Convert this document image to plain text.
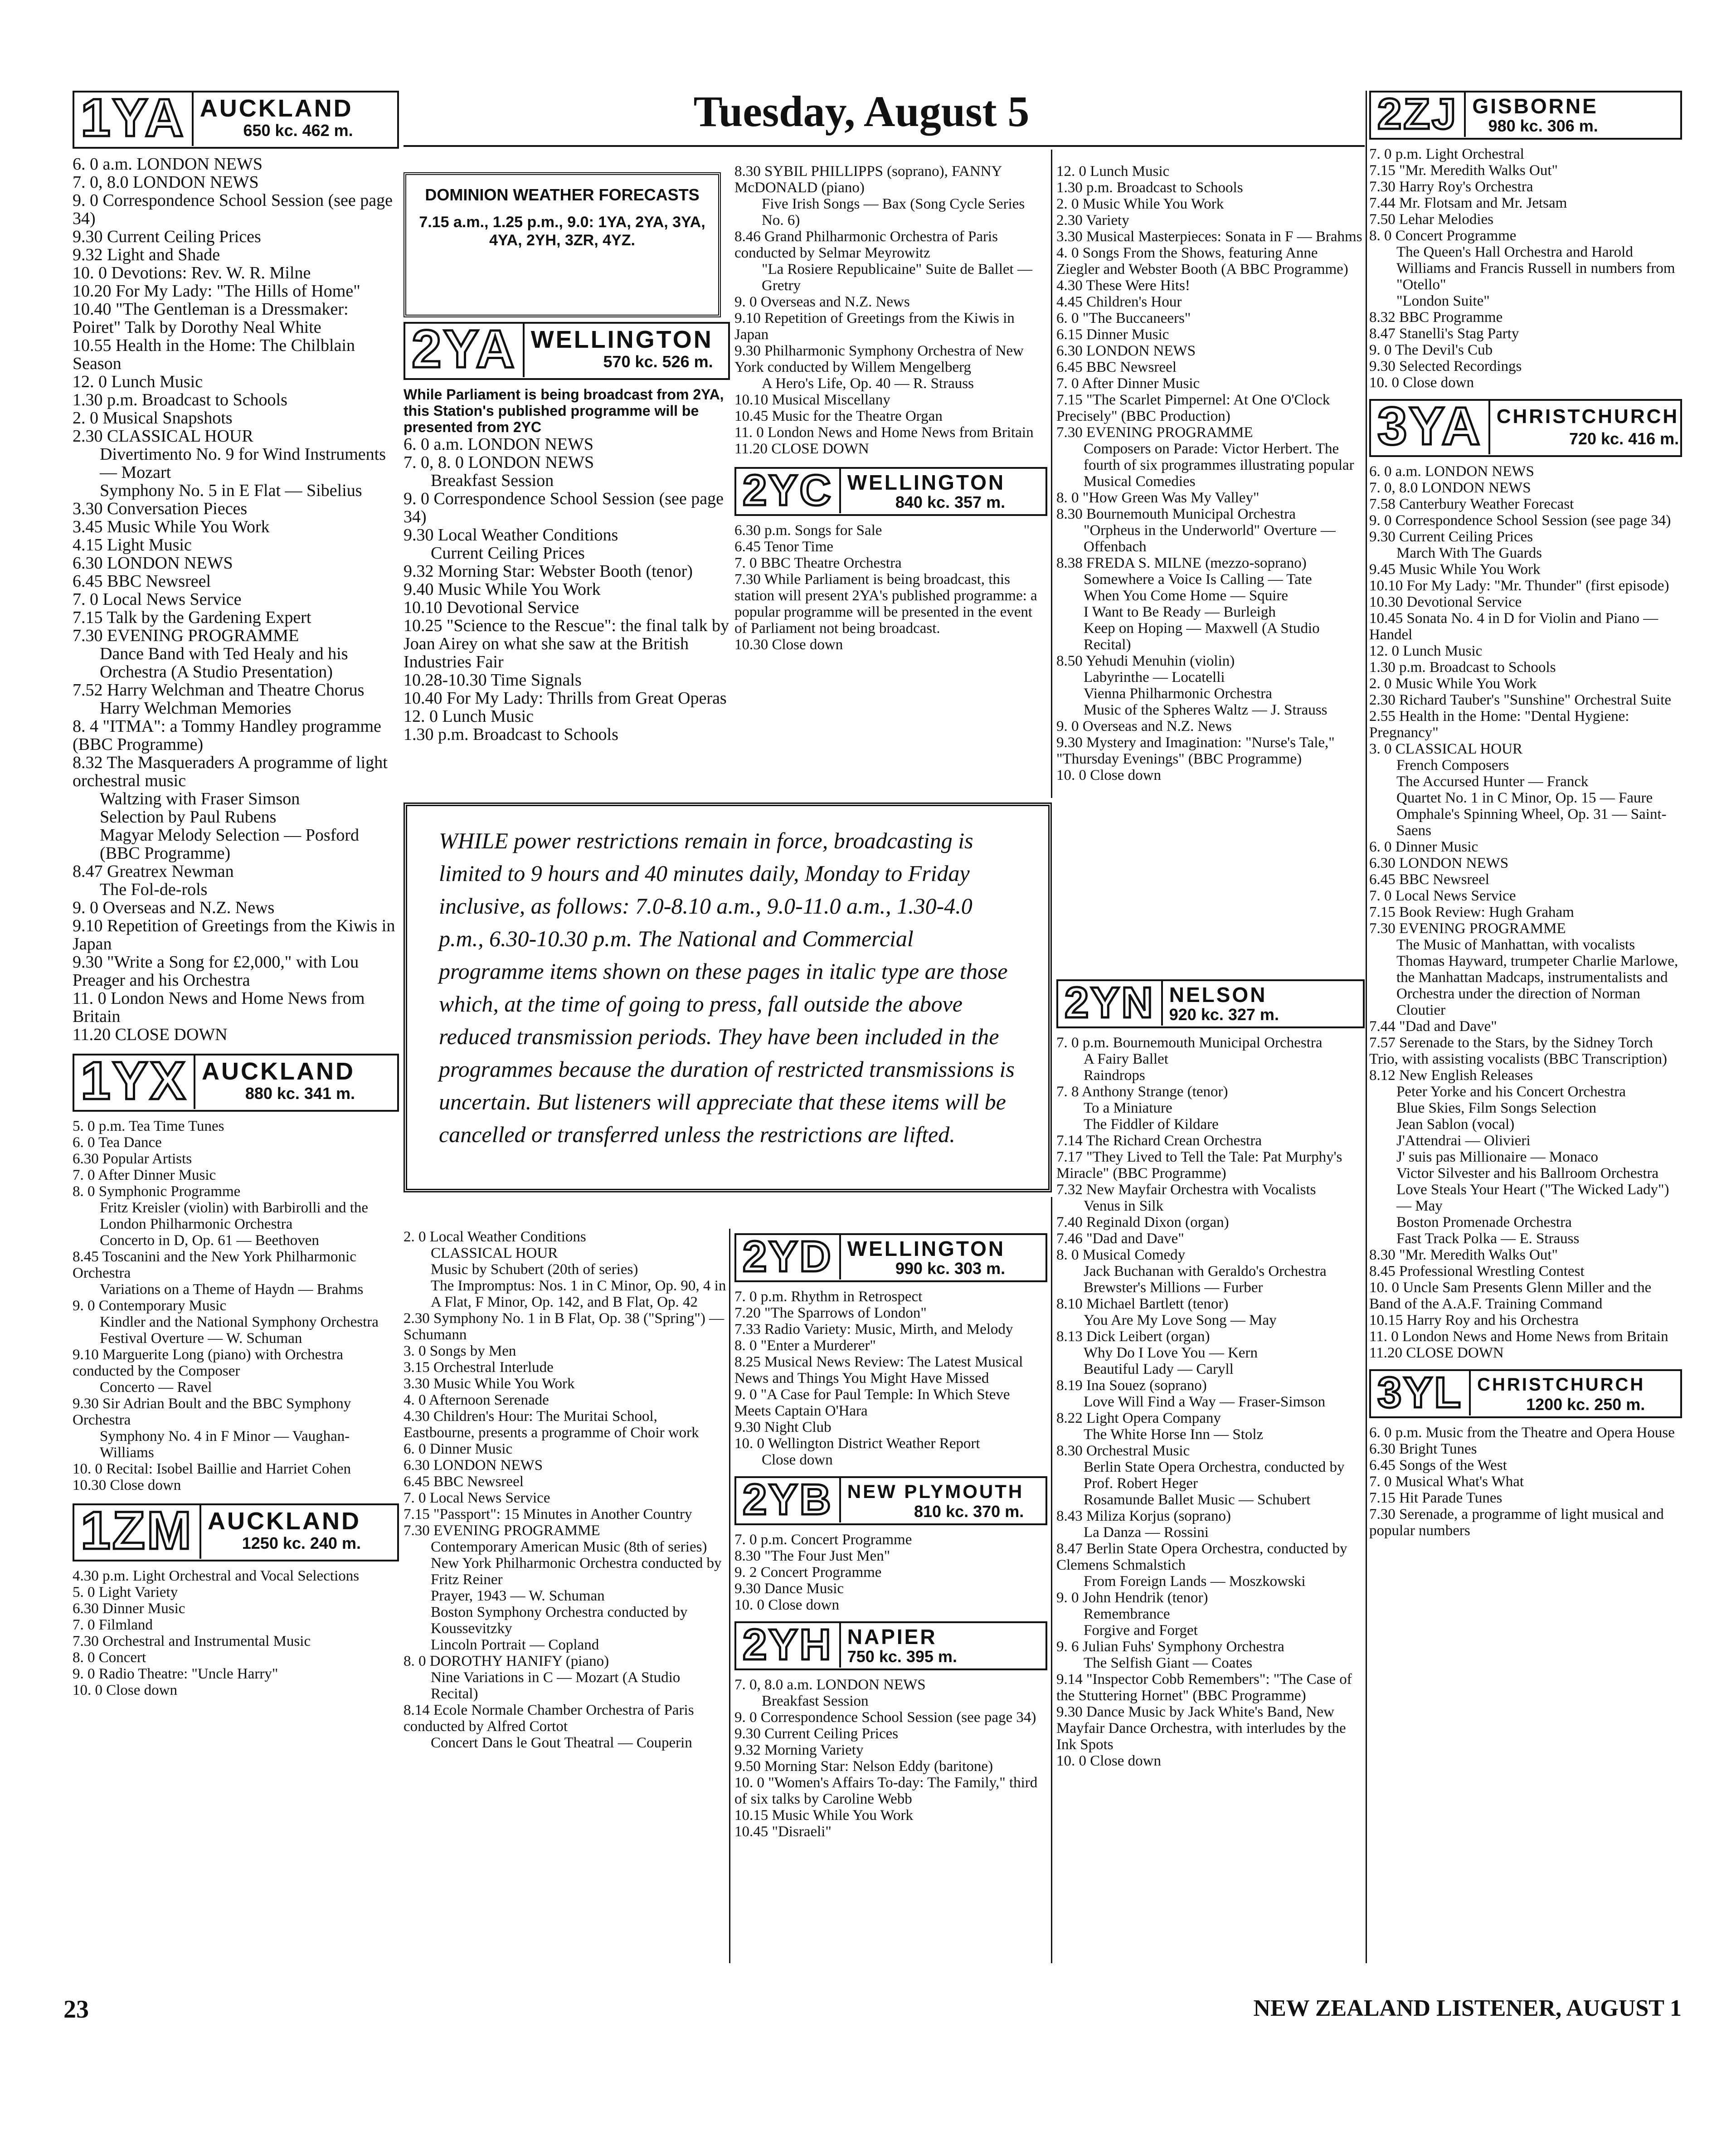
Tuesday, August 5
1YA AUCKLAND
650 kc. 462 m.

6. 0 a.m. LONDON NEWS

7. 0, 8.0 LONDON NEWS

9. 0 Correspondence School Session (see page 34)

9.30 Current Ceiling Prices

9.32 Light and Shade

10. 0 Devotions: Rev. W. R. Milne

10.20 For My Lady: "The Hills of Home"

10.40 "The Gentleman is a Dressmaker: Poiret" Talk by Dorothy Neal White

10.55 Health in the Home: The Chilblain Season

12. 0 Lunch Music

1.30 p.m. Broadcast to Schools

2. 0 Musical Snapshots

2.30 CLASSICAL HOUR

Divertimento No. 9 for Wind Instruments — Mozart

Symphony No. 5 in E Flat — Sibelius

3.30 Conversation Pieces

3.45 Music While You Work

4.15 Light Music

6.30 LONDON NEWS

6.45 BBC Newsreel

7. 0 Local News Service

7.15 Talk by the Gardening Expert

7.30 EVENING PROGRAMME

Dance Band with Ted Healy and his Orchestra (A Studio Presentation)

7.52 Harry Welchman and Theatre Chorus

Harry Welchman Memories

8. 4 "ITMA": a Tommy Handley programme (BBC Programme)

8.32 The Masqueraders A programme of light orchestral music

Waltzing with Fraser Simson

Selection by Paul Rubens

Magyar Melody Selection — Posford (BBC Programme)

8.47 Greatrex Newman

The Fol-de-rols

9. 0 Overseas and N.Z. News

9.10 Repetition of Greetings from the Kiwis in Japan

9.30 "Write a Song for £2,000," with Lou Preager and his Orchestra

11. 0 London News and Home News from Britain

11.20 CLOSE DOWN

1YX AUCKLAND
880 kc. 341 m.

5. 0 p.m. Tea Time Tunes

6. 0 Tea Dance

6.30 Popular Artists

7. 0 After Dinner Music

8. 0 Symphonic Programme

Fritz Kreisler (violin) with Barbirolli and the London Philharmonic Orchestra

Concerto in D, Op. 61 — Beethoven

8.45 Toscanini and the New York Philharmonic Orchestra

Variations on a Theme of Haydn — Brahms

9. 0 Contemporary Music

Kindler and the National Symphony Orchestra

Festival Overture — W. Schuman

9.10 Marguerite Long (piano) with Orchestra conducted by the Composer

Concerto — Ravel

9.30 Sir Adrian Boult and the BBC Symphony Orchestra

Symphony No. 4 in F Minor — Vaughan-Williams

10. 0 Recital: Isobel Baillie and Harriet Cohen

10.30 Close down

1ZM AUCKLAND
1250 kc. 240 m.

4.30 p.m. Light Orchestral and Vocal Selections

5. 0 Light Variety

6.30 Dinner Music

7. 0 Filmland

7.30 Orchestral and Instrumental Music

8. 0 Concert

9. 0 Radio Theatre: "Uncle Harry"

10. 0 Close down

DOMINION WEATHER FORECASTS
7.15 a.m., 1.25 p.m., 9.0: 1YA, 2YA, 3YA, 4YA, 2YH, 3ZR, 4YZ.
2YA WELLINGTON
570 kc. 526 m.

While Parliament is being broadcast from 2YA, this Station's published programme will be presented from 2YC

6. 0 a.m. LONDON NEWS

7. 0, 8. 0 LONDON NEWS

Breakfast Session

9. 0 Correspondence School Session (see page 34)

9.30 Local Weather Conditions

Current Ceiling Prices

9.32 Morning Star: Webster Booth (tenor)

9.40 Music While You Work

10.10 Devotional Service

10.25 "Science to the Rescue": the final talk by Joan Airey on what she saw at the British Industries Fair

10.28-10.30 Time Signals

10.40 For My Lady: Thrills from Great Operas

12. 0 Lunch Music

1.30 p.m. Broadcast to Schools

8.30 SYBIL PHILLIPPS (soprano), FANNY McDONALD (piano)

Five Irish Songs — Bax (Song Cycle Series No. 6)

8.46 Grand Philharmonic Orchestra of Paris conducted by Selmar Meyrowitz

"La Rosiere Republicaine" Suite de Ballet — Gretry

9. 0 Overseas and N.Z. News

9.10 Repetition of Greetings from the Kiwis in Japan

9.30 Philharmonic Symphony Orchestra of New York conducted by Willem Mengelberg

A Hero's Life, Op. 40 — R. Strauss

10.10 Musical Miscellany

10.45 Music for the Theatre Organ

11. 0 London News and Home News from Britain

11.20 CLOSE DOWN

2YC WELLINGTON
840 kc. 357 m.

6.30 p.m. Songs for Sale

6.45 Tenor Time

7. 0 BBC Theatre Orchestra

7.30 While Parliament is being broadcast, this station will present 2YA's published programme: a popular programme will be presented in the event of Parliament not being broadcast.

10.30 Close down

WHILE power restrictions remain in force, broadcasting is limited to 9 hours and 40 minutes daily, Monday to Friday inclusive, as follows: 7.0-8.10 a.m., 9.0-11.0 a.m., 1.30-4.0 p.m., 6.30-10.30 p.m. The National and Commercial programme items shown on these pages in italic type are those which, at the time of going to press, fall outside the above reduced transmission periods. They have been included in the programmes because the duration of restricted transmissions is uncertain. But listeners will appreciate that these items will be cancelled or transferred unless the restrictions are lifted.

2. 0 Local Weather Conditions

CLASSICAL HOUR

Music by Schubert (20th of series)

The Impromptus: Nos. 1 in C Minor, Op. 90, 4 in A Flat, F Minor, Op. 142, and B Flat, Op. 42

2.30 Symphony No. 1 in B Flat, Op. 38 ("Spring") — Schumann

3. 0 Songs by Men

3.15 Orchestral Interlude

3.30 Music While You Work

4. 0 Afternoon Serenade

4.30 Children's Hour: The Muritai School, Eastbourne, presents a programme of Choir work

6. 0 Dinner Music

6.30 LONDON NEWS

6.45 BBC Newsreel

7. 0 Local News Service

7.15 "Passport": 15 Minutes in Another Country

7.30 EVENING PROGRAMME

Contemporary American Music (8th of series)

New York Philharmonic Orchestra conducted by Fritz Reiner

Prayer, 1943 — W. Schuman

Boston Symphony Orchestra conducted by Koussevitzky

Lincoln Portrait — Copland

8. 0 DOROTHY HANIFY (piano)

Nine Variations in C — Mozart (A Studio Recital)

8.14 Ecole Normale Chamber Orchestra of Paris conducted by Alfred Cortot

Concert Dans le Gout Theatral — Couperin

2YD WELLINGTON
990 kc. 303 m.

7. 0 p.m. Rhythm in Retrospect

7.20 "The Sparrows of London"

7.33 Radio Variety: Music, Mirth, and Melody

8. 0 "Enter a Murderer"

8.25 Musical News Review: The Latest Musical News and Things You Might Have Missed

9. 0 "A Case for Paul Temple: In Which Steve Meets Captain O'Hara

9.30 Night Club

10. 0 Wellington District Weather Report

Close down

2YB NEW PLYMOUTH
810 kc. 370 m.

7. 0 p.m. Concert Programme

8.30 "The Four Just Men"

9. 2 Concert Programme

9.30 Dance Music

10. 0 Close down

2YH NAPIER
750 kc. 395 m.

7. 0, 8.0 a.m. LONDON NEWS

Breakfast Session

9. 0 Correspondence School Session (see page 34)

9.30 Current Ceiling Prices

9.32 Morning Variety

9.50 Morning Star: Nelson Eddy (baritone)

10. 0 "Women's Affairs To-day: The Family," third of six talks by Caroline Webb

10.15 Music While You Work

10.45 "Disraeli"

12. 0 Lunch Music

1.30 p.m. Broadcast to Schools

2. 0 Music While You Work

2.30 Variety

3.30 Musical Masterpieces: Sonata in F — Brahms

4. 0 Songs From the Shows, featuring Anne Ziegler and Webster Booth (A BBC Programme)

4.30 These Were Hits!

4.45 Children's Hour

6. 0 "The Buccaneers"

6.15 Dinner Music

6.30 LONDON NEWS

6.45 BBC Newsreel

7. 0 After Dinner Music

7.15 "The Scarlet Pimpernel: At One O'Clock Precisely" (BBC Production)

7.30 EVENING PROGRAMME

Composers on Parade: Victor Herbert. The fourth of six programmes illustrating popular Musical Comedies

8. 0 "How Green Was My Valley"

8.30 Bournemouth Municipal Orchestra

"Orpheus in the Underworld" Overture — Offenbach

8.38 FREDA S. MILNE (mezzo-soprano)

Somewhere a Voice Is Calling — Tate

When You Come Home — Squire

I Want to Be Ready — Burleigh

Keep on Hoping — Maxwell (A Studio Recital)

8.50 Yehudi Menuhin (violin)

Labyrinthe — Locatelli

Vienna Philharmonic Orchestra

Music of the Spheres Waltz — J. Strauss

9. 0 Overseas and N.Z. News

9.30 Mystery and Imagination: "Nurse's Tale," "Thursday Evenings" (BBC Programme)

10. 0 Close down

2YN NELSON
920 kc. 327 m.

7. 0 p.m. Bournemouth Municipal Orchestra

A Fairy Ballet

Raindrops

7. 8 Anthony Strange (tenor)

To a Miniature

The Fiddler of Kildare

7.14 The Richard Crean Orchestra

7.17 "They Lived to Tell the Tale: Pat Murphy's Miracle" (BBC Programme)

7.32 New Mayfair Orchestra with Vocalists

Venus in Silk

7.40 Reginald Dixon (organ)

7.46 "Dad and Dave"

8. 0 Musical Comedy

Jack Buchanan with Geraldo's Orchestra

Brewster's Millions — Furber

8.10 Michael Bartlett (tenor)

You Are My Love Song — May

8.13 Dick Leibert (organ)

Why Do I Love You — Kern

Beautiful Lady — Caryll

8.19 Ina Souez (soprano)

Love Will Find a Way — Fraser-Simson

8.22 Light Opera Company

The White Horse Inn — Stolz

8.30 Orchestral Music

Berlin State Opera Orchestra, conducted by Prof. Robert Heger

Rosamunde Ballet Music — Schubert

8.43 Miliza Korjus (soprano)

La Danza — Rossini

8.47 Berlin State Opera Orchestra, conducted by Clemens Schmalstich

From Foreign Lands — Moszkowski

9. 0 John Hendrik (tenor)

Remembrance

Forgive and Forget

9. 6 Julian Fuhs' Symphony Orchestra

The Selfish Giant — Coates

9.14 "Inspector Cobb Remembers": "The Case of the Stuttering Hornet" (BBC Programme)

9.30 Dance Music by Jack White's Band, New Mayfair Dance Orchestra, with interludes by the Ink Spots

10. 0 Close down

2ZJ GISBORNE
980 kc. 306 m.

7. 0 p.m. Light Orchestral

7.15 "Mr. Meredith Walks Out"

7.30 Harry Roy's Orchestra

7.44 Mr. Flotsam and Mr. Jetsam

7.50 Lehar Melodies

8. 0 Concert Programme

The Queen's Hall Orchestra and Harold Williams and Francis Russell in numbers from "Otello"

"London Suite"

8.32 BBC Programme

8.47 Stanelli's Stag Party

9. 0 The Devil's Cub

9.30 Selected Recordings

10. 0 Close down

3YA CHRISTCHURCH
720 kc. 416 m.

6. 0 a.m. LONDON NEWS

7. 0, 8.0 LONDON NEWS

7.58 Canterbury Weather Forecast

9. 0 Correspondence School Session (see page 34)

9.30 Current Ceiling Prices

March With The Guards

9.45 Music While You Work

10.10 For My Lady: "Mr. Thunder" (first episode)

10.30 Devotional Service

10.45 Sonata No. 4 in D for Violin and Piano — Handel

12. 0 Lunch Music

1.30 p.m. Broadcast to Schools

2. 0 Music While You Work

2.30 Richard Tauber's "Sunshine" Orchestral Suite

2.55 Health in the Home: "Dental Hygiene: Pregnancy"

3. 0 CLASSICAL HOUR

French Composers

The Accursed Hunter — Franck

Quartet No. 1 in C Minor, Op. 15 — Faure

Omphale's Spinning Wheel, Op. 31 — Saint-Saens

6. 0 Dinner Music

6.30 LONDON NEWS

6.45 BBC Newsreel

7. 0 Local News Service

7.15 Book Review: Hugh Graham

7.30 EVENING PROGRAMME

The Music of Manhattan, with vocalists Thomas Hayward, trumpeter Charlie Marlowe, the Manhattan Madcaps, instrumentalists and Orchestra under the direction of Norman Cloutier

7.44 "Dad and Dave"

7.57 Serenade to the Stars, by the Sidney Torch Trio, with assisting vocalists (BBC Transcription)

8.12 New English Releases

Peter Yorke and his Concert Orchestra

Blue Skies, Film Songs Selection

Jean Sablon (vocal)

J'Attendrai — Olivieri

J' suis pas Millionaire — Monaco

Victor Silvester and his Ballroom Orchestra

Love Steals Your Heart ("The Wicked Lady") — May

Boston Promenade Orchestra

Fast Track Polka — E. Strauss

8.30 "Mr. Meredith Walks Out"

8.45 Professional Wrestling Contest

10. 0 Uncle Sam Presents Glenn Miller and the Band of the A.A.F. Training Command

10.15 Harry Roy and his Orchestra

11. 0 London News and Home News from Britain

11.20 CLOSE DOWN

3YL CHRISTCHURCH
1200 kc. 250 m.

6. 0 p.m. Music from the Theatre and Opera House

6.30 Bright Tunes

6.45 Songs of the West

7. 0 Musical What's What

7.15 Hit Parade Tunes

7.30 Serenade, a programme of light musical and popular numbers

23	NEW ZEALAND LISTENER, AUGUST 1
